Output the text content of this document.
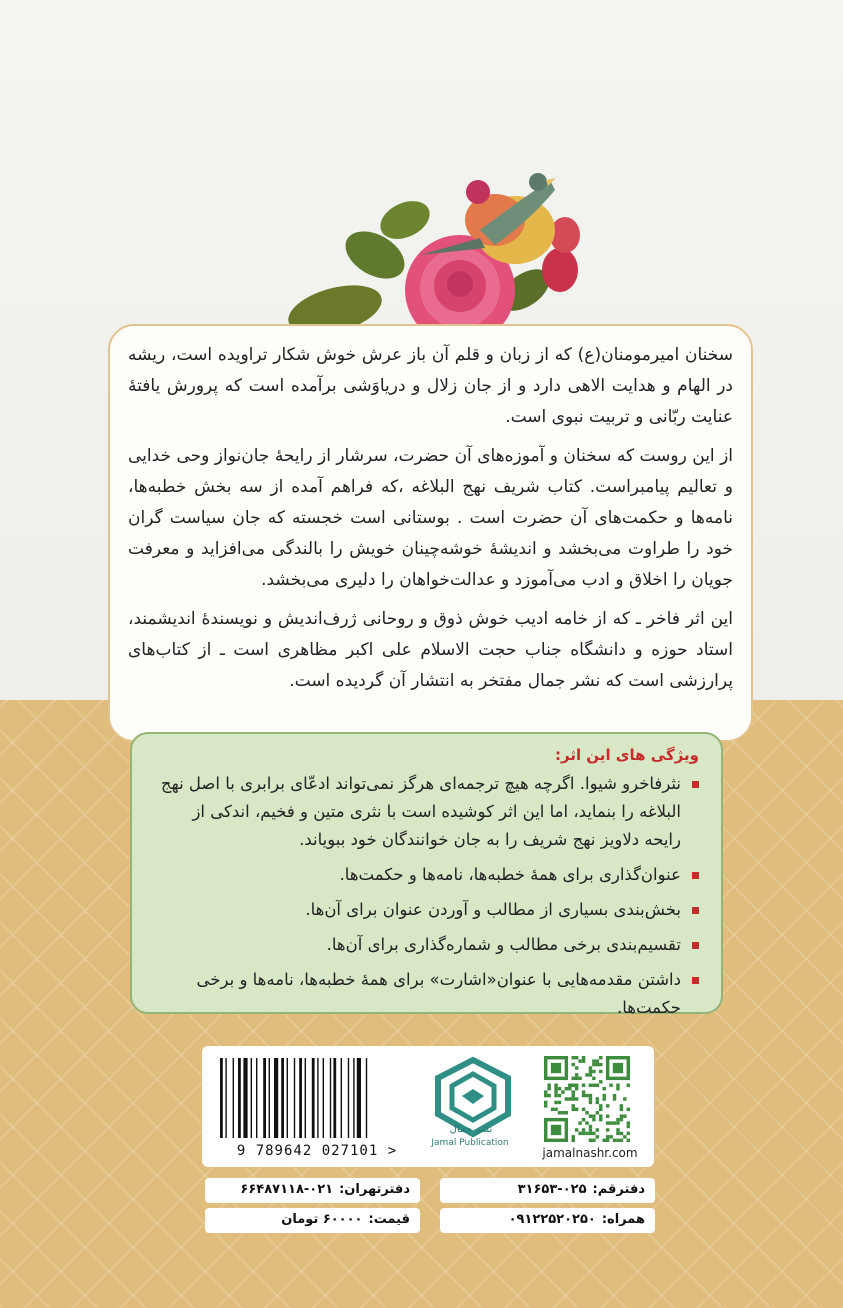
سخنان امیرمومنان(ع) که از زبان و قلم آن باز عرش خوش شکار تراویده است، ریشه در الهام و هدایت الاهی دارد و از جان زلال و دریاوَشی برآمده است که پرورش یافتهٔ عنایت ربّانی و تربیت نبوی است.

از این روست که سخنان و آموزه‌های آن حضرت، سرشار از رایحهٔ جان‌نواز وحی خدایی و تعالیم پیامبراست. کتاب شریف نهج البلاغه ،که فراهم آمده از سه بخش خطبه‌ها، نامه‌ها و حکمت‌های آن حضرت است . بوستانی است خجسته که جان سیاست گران خود را طراوت می‌بخشد و اندیشهٔ خوشه‌چینان خویش را بالندگی می‌افزاید و معرفت جویان را اخلاق و ادب می‌آموزد و عدالت‌خواهان را دلیری می‌بخشد.

این اثر فاخر ـ که از خامه ادیب خوش ذوق و روحانی ژرف‌اندیش و نویسندهٔ اندیشمند، استاد حوزه و دانشگاه جناب حجت الاسلام علی اکبر مظاهری است ـ از کتاب‌های پرارزشی است که نشر جمال مفتخر به انتشار آن گردیده است.

ویژگی های این اثر:
نثرفاخرو شیوا. اگرچه هیچ ترجمه‌ای هرگز نمی‌تواند ادعّای برابری با اصل نهج البلاغه را بنماید، اما این اثر کوشیده است با نثری متین و فخیم، اندکی از رایحه دلاویز نهج شریف را به جان خوانندگان خود ببویاند.
عنوان‌گذاری برای همهٔ خطبه‌ها، نامه‌ها و حکمت‌ها.
بخش‌بندی بسیاری از مطالب و آوردن عنوان برای آن‌ها.
تقسیم‌بندی برخی مطالب و شماره‌گذاری برای آن‌ها.
داشتن مقدمه‌هایی با عنوان«اشارت» برای همهٔ خطبه‌ها، نامه‌ها و برخی حکمت‌ها.
9 789642 027101 >
نشر جمال
Jamal Publication
jamalnashr.com
دفترقم:۰۲۵-۳۱۶۵۳
دفترتهران:۰۲۱-۶۶۴۸۷۱۱۸
همراه:۰۹۱۲۲۵۲۰۲۵۰
قیمت:۶۰۰۰۰ تومان
